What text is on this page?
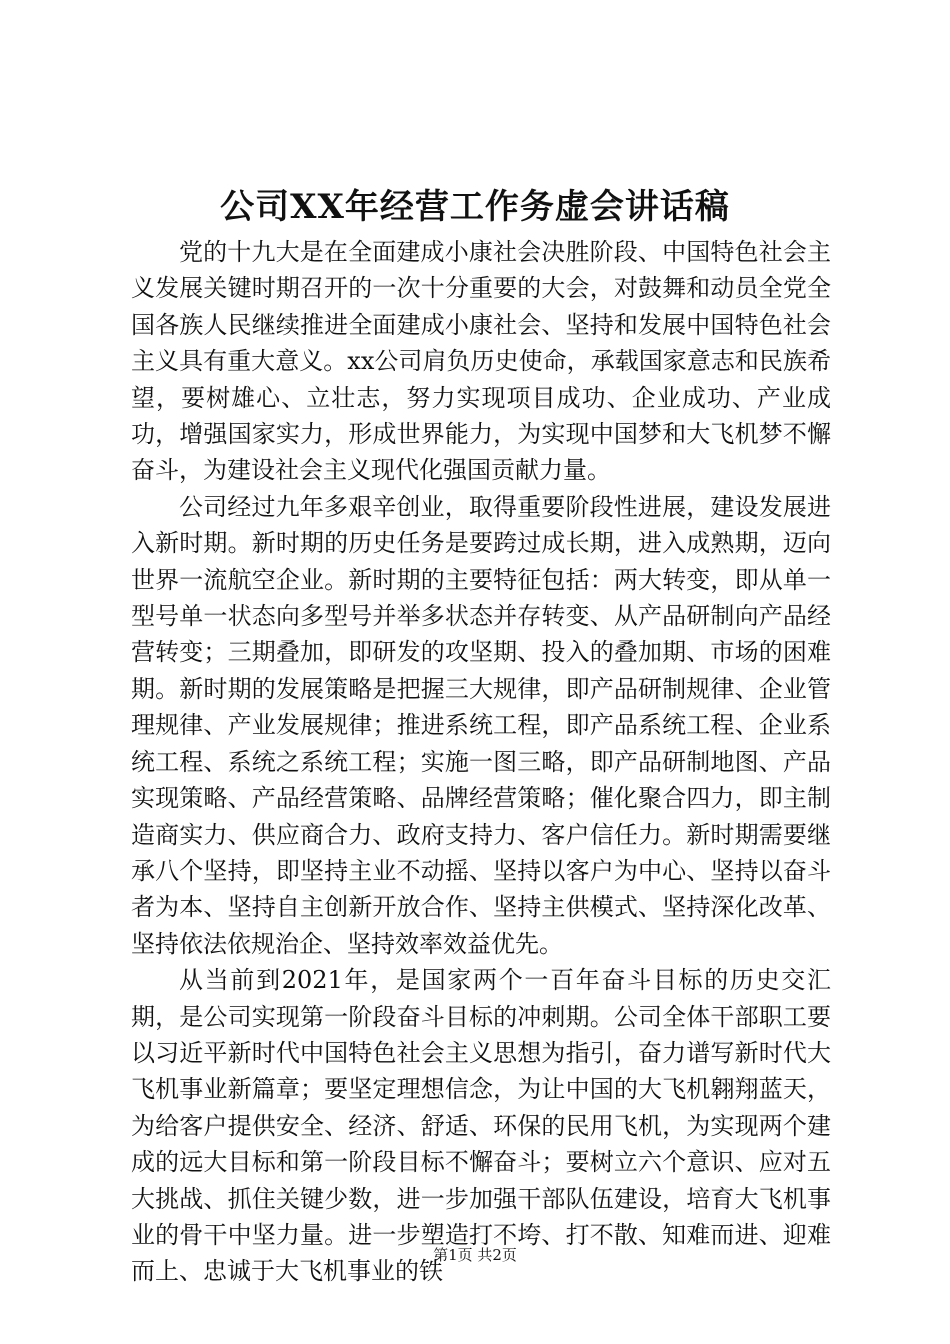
公司XX年经营工作务虚会讲话稿

党的十九大是在全面建成小康社会决胜阶段、中国特色社会主义发展关键时期召开的一次十分重要的大会，对鼓舞和动员全党全国各族人民继续推进全面建成小康社会、坚持和发展中国特色社会主义具有重大意义。xx公司肩负历史使命，承载国家意志和民族希望，要树雄心、立壮志，努力实现项目成功、企业成功、产业成功，增强国家实力，形成世界能力，为实现中国梦和大飞机梦不懈奋斗，为建设社会主义现代化强国贡献力量。

公司经过九年多艰辛创业，取得重要阶段性进展，建设发展进入新时期。新时期的历史任务是要跨过成长期，进入成熟期，迈向世界一流航空企业。新时期的主要特征包括：两大转变，即从单一型号单一状态向多型号并举多状态并存转变、从产品研制向产品经营转变；三期叠加，即研发的攻坚期、投入的叠加期、市场的困难期。新时期的发展策略是把握三大规律，即产品研制规律、企业管理规律、产业发展规律；推进系统工程，即产品系统工程、企业系统工程、系统之系统工程；实施一图三略，即产品研制地图、产品实现策略、产品经营策略、品牌经营策略；催化聚合四力，即主制造商实力、供应商合力、政府支持力、客户信任力。新时期需要继承八个坚持，即坚持主业不动摇、坚持以客户为中心、坚持以奋斗者为本、坚持自主创新开放合作、坚持主供模式、坚持深化改革、坚持依法依规治企、坚持效率效益优先。

从当前到2021年，是国家两个一百年奋斗目标的历史交汇期，是公司实现第一阶段奋斗目标的冲刺期。公司全体干部职工要以习近平新时代中国特色社会主义思想为指引，奋力谱写新时代大飞机事业新篇章；要坚定理想信念，为让中国的大飞机翱翔蓝天，为给客户提供安全、经济、舒适、环保的民用飞机，为实现两个建成的远大目标和第一阶段目标不懈奋斗；要树立六个意识、应对五大挑战、抓住关键少数，进一步加强干部队伍建设，培育大飞机事业的骨干中坚力量。进一步塑造打不垮、打不散、知难而进、迎难而上、忠诚于大飞机事业的铁

第1页 共2页
